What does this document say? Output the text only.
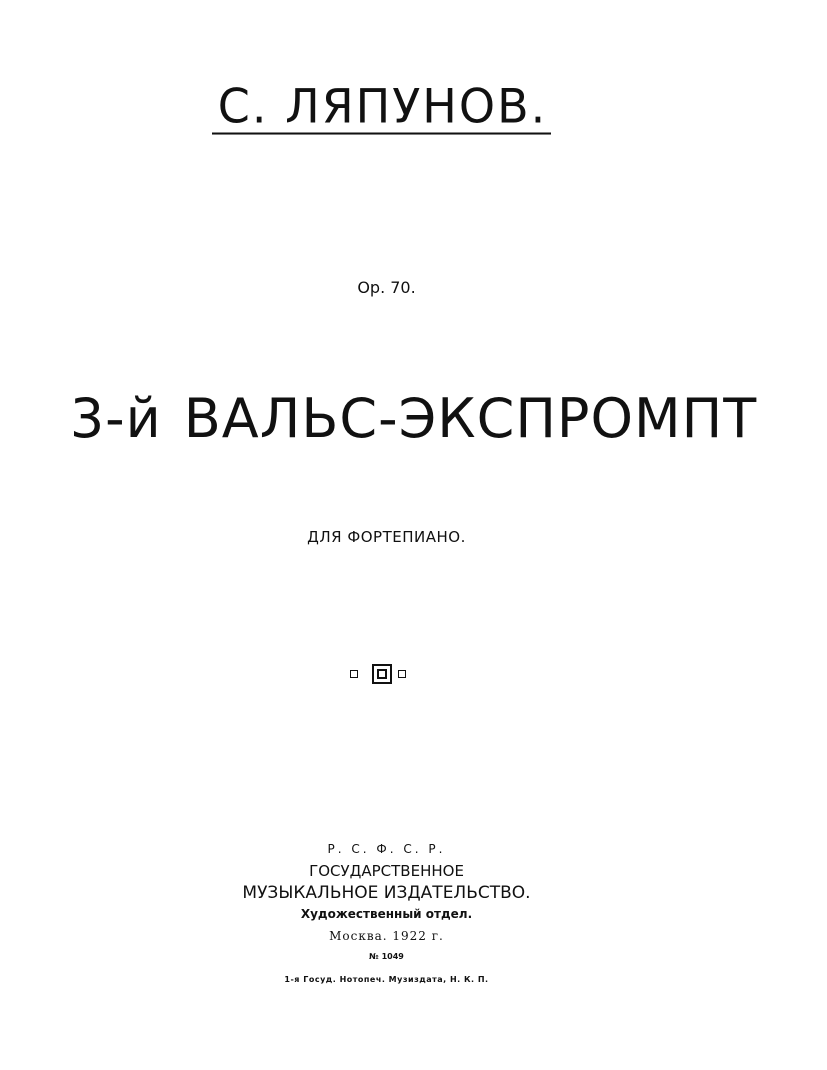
С. ЛЯПУНОВ.
Op. 70.
3-й ВАЛЬС-ЭКСПРОМПТ
ДЛЯ ФОРТЕПИАНО.
Р. С. Ф. С. Р.
ГОСУДАРСТВЕННОЕ
МУЗЫКАЛЬНОЕ ИЗДАТЕЛЬСТВО.
Художественный отдел.
Москва. 1922 г.
№ 1049
1-я Госуд. Нотопеч. Музиздата, Н. К. П.
